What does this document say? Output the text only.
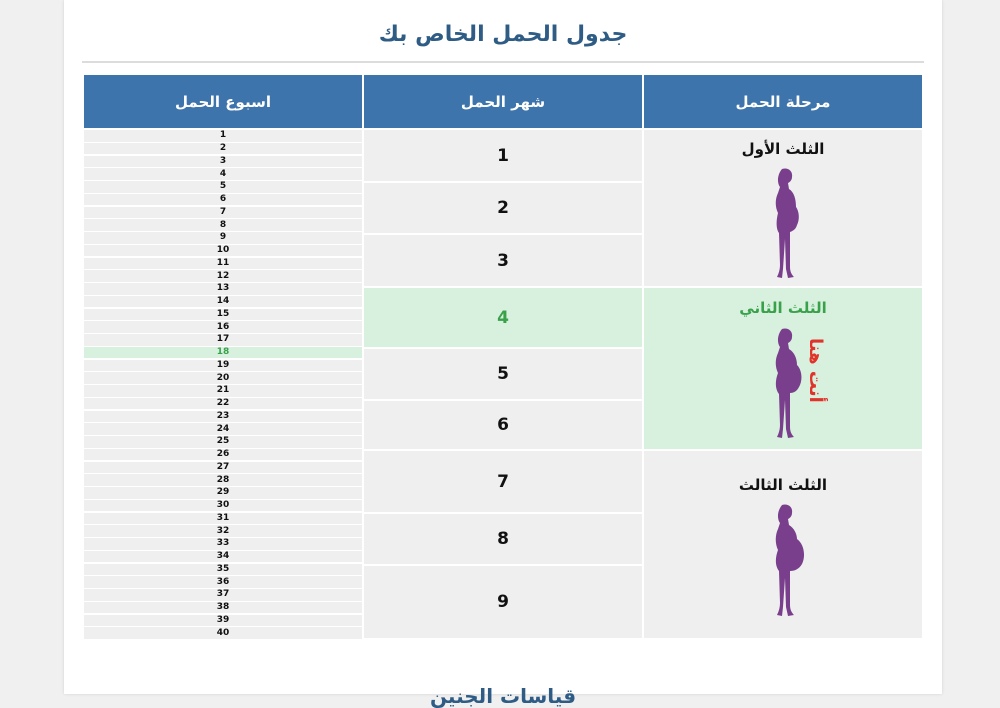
جدول الحمل الخاص بك
قياسات الجنين
مرحلة الحمل
شهر الحمل
اسبوع الحمل
الثلث الأول
الثلث الثاني
الثلث الثالث
أنت هنا
1
2
3
4
5
6
7
8
9
1
2
3
4
5
6
7
8
9
10
11
12
13
14
15
16
17
18
19
20
21
22
23
24
25
26
27
28
29
30
31
32
33
34
35
36
37
38
39
40
